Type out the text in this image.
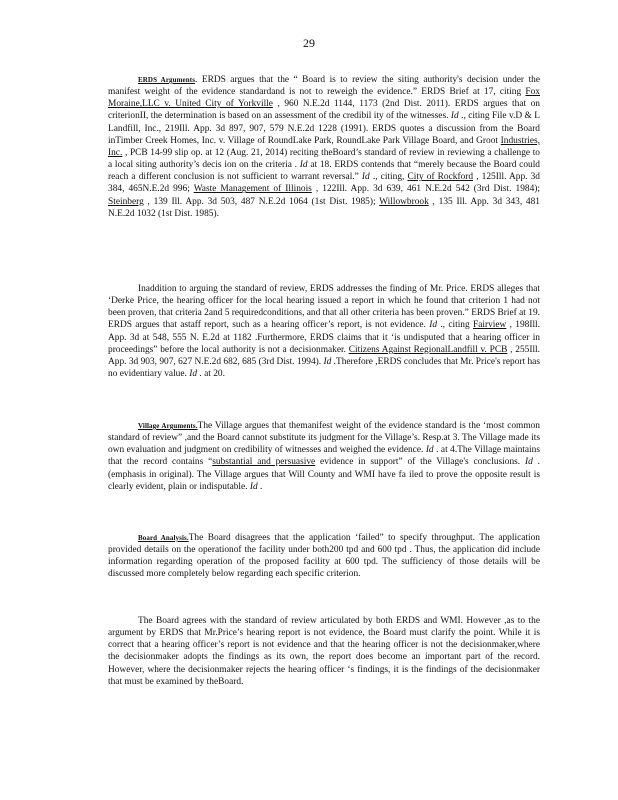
29

ERDS Arguments. ERDS argues that the “ Board is to review the siting authority's decision under the manifest weight of the evidence standardand is not to reweigh the evidence.” ERDS Brief at 17, citing Fox Moraine,LLC v. United City of Yorkville , 960 N.E.2d 1144, 1173 (2nd Dist. 2011). ERDS argues that on criterionII, the determination is based on an assessment of the credibil ity of the witnesses. Id ., citing File v.D & L Landfill, Inc., 219Ill. App. 3d 897, 907, 579 N.E.2d 1228 (1991). ERDS quotes a discussion from the Board inTimber Creek Homes, Inc. v. Village of RoundLake Park, RoundLake Park Village Board, and Groot Industries, Inc. , PCB 14-99 slip op. at 12 (Aug. 21, 2014) reciting theBoard’s standard of review in reviewing a challenge to a local siting authority’s decis ion on the criteria . Id at 18. ERDS contends that “merely because the Board could reach a different conclusion is not sufficient to warrant reversal.” Id ., citing, City of Rockford , 125Ill. App. 3d 384, 465N.E.2d 996; Waste Management of Illinois , 122Ill. App. 3d 639, 461 N.E.2d 542 (3rd Dist. 1984); Steinberg , 139 Ill. App. 3d 503, 487 N.E.2d 1064 (1st Dist. 1985); Willowbrook , 135 Ill. App. 3d 343, 481 N.E.2d 1032 (1st Dist. 1985).

Inaddition to arguing the standard of review, ERDS addresses the finding of Mr. Price. ERDS alleges that ‘Derke Price, the hearing officer for the local hearing issued a report in which he found that criterion 1 had not been proven, that criteria 2and 5 requiredconditions, and that all other criteria has been proven.” ERDS Brief at 19. ERDS argues that astaff report, such as a hearing officer’s report, is not evidence. Id ., citing Fairview , 198Ill. App. 3d at 548, 555 N. E.2d at 1182 .Furthermore, ERDS claims that it ‘is undisputed that a hearing officer in proceedings” before the local authority is not a decisionmaker. Citizens Against RegionalLandfill v. PCB , 255Ill. App. 3d 903, 907, 627 N.E.2d 682, 685 (3rd Dist. 1994). Id .Therefore ,ERDS concludes that Mr. Price's report has no evidentiary value. Id . at 20.

Village Arguments.The Village argues that themanifest weight of the evidence standard is the ‘most common standard of review” ,and the Board cannot substitute its judgment for the Village’s. Resp.at 3. The Village made its own evaluation and judgment on credibility of witnesses and weighed the evidence. Id . at 4.The Village maintains that the record contains “substantial and persuasive evidence in support” of the Village's conclusions. Id . (emphasis in original). The Village argues that Will County and WMI have fa iled to prove the opposite result is clearly evident, plain or indisputable. Id .

Board Analysis.The Board disagrees that the application ‘failed” to specify throughput. The application provided details on the operationof the facility under both200 tpd and 600 tpd . Thus, the application did include information regarding operation of the proposed facility at 600 tpd. The sufficiency of those details will be discussed more completely below regarding each specific criterion.

The Board agrees with the standard of review articulated by both ERDS and WMI. However ,as to the argument by ERDS that Mr.Price’s hearing report is not evidence, the Board must clarify the point. While it is correct that a hearing officer’s report is not evidence and that the hearing officer is not the decisionmaker,where the decisionmaker adopts the findings as its own, the report does become an important part of the record. However, where the decisionmaker rejects the hearing officer ‘s findings, it is the findings of the decisionmaker that must be examined by theBoard.
